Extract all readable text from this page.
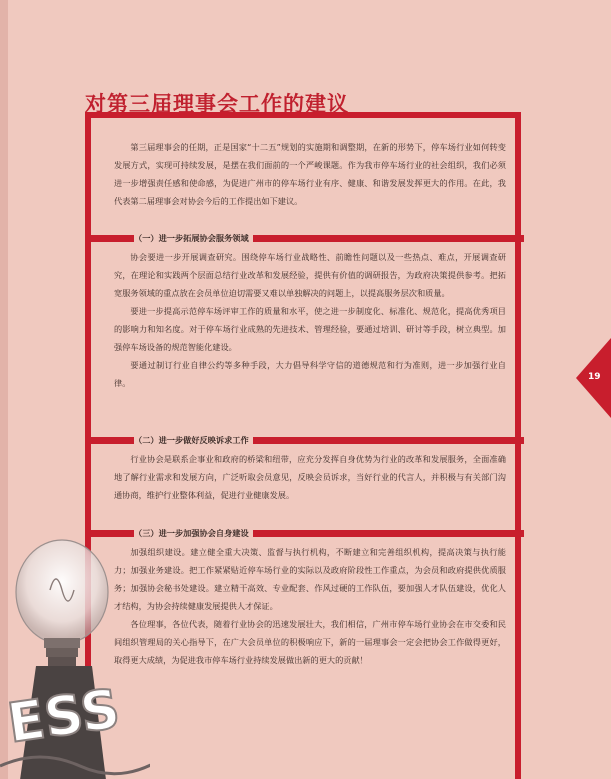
对第三届理事会工作的建议

第三届理事会的任期，正是国家“十二五”规划的实施期和调整期，在新的形势下，停车场行业如何转变发展方式，实现可持续发展，是摆在我们面前的一个严峻课题。作为我市停车场行业的社会组织，我们必须进一步增强责任感和使命感，为促进广州市的停车场行业有序、健康、和谐发展发挥更大的作用。在此，我代表第二届理事会对协会今后的工作提出如下建议。

（一）进一步拓展协会服务领域

协会要进一步开展调查研究。围绕停车场行业战略性、前瞻性问题以及一些热点、难点，开展调查研究，在理论和实践两个层面总结行业改革和发展经验，提供有价值的调研报告，为政府决策提供参考。把拓宽服务领域的重点放在会员单位迫切需要又难以单独解决的问题上，以提高服务层次和质量。

要进一步提高示范停车场评审工作的质量和水平，使之进一步制度化、标准化、规范化，提高优秀项目的影响力和知名度。对于停车场行业成熟的先进技术、管理经验，要通过培训、研讨等手段，树立典型。加强停车场设备的规范智能化建设。

要通过制订行业自律公约等多种手段，大力倡导科学守信的道德规范和行为准则，进一步加强行业自律。

（二）进一步做好反映诉求工作

行业协会是联系企事业和政府的桥梁和纽带，应充分发挥自身优势为行业的改革和发展服务，全面准确地了解行业需求和发展方向，广泛听取会员意见，反映会员诉求，当好行业的代言人，并积极与有关部门沟通协商，维护行业整体利益，促进行业健康发展。

（三）进一步加强协会自身建设

加强组织建设。建立健全重大决策、监督与执行机构，不断建立和完善组织机构，提高决策与执行能力；加强业务建设。把工作紧紧贴近停车场行业的实际以及政府阶段性工作重点，为会员和政府提供优质服务；加强协会秘书处建设。建立精干高效、专业配套、作风过硬的工作队伍，要加强人才队伍建设，优化人才结构，为协会持续健康发展提供人才保证。

各位理事，各位代表，随着行业协会的迅速发展壮大，我们相信，广州市停车场行业协会在市交委和民间组织管理局的关心指导下，在广大会员单位的积极响应下，新的一届理事会一定会把协会工作做得更好，取得更大成绩，为促进我市停车场行业持续发展做出新的更大的贡献！

19
ESS
